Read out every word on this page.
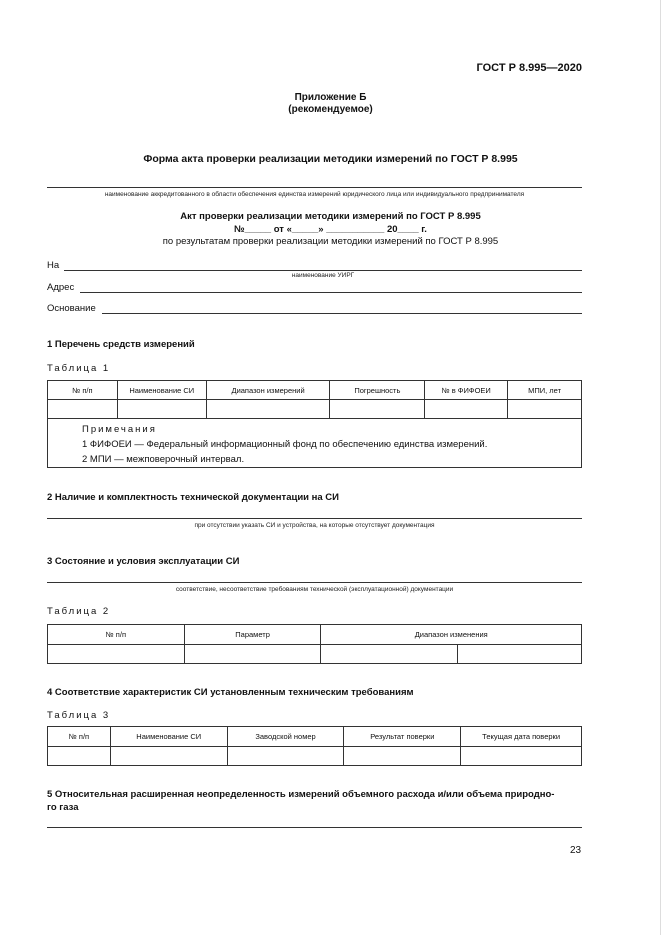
ГОСТ Р 8.995—2020
Приложение Б
(рекомендуемое)
Форма акта проверки реализации методики измерений по ГОСТ Р 8.995
наименование аккредитованного в области обеспечения единства измерений юридического лица или индивидуального предпринимателя
Акт проверки реализации методики измерений по ГОСТ Р 8.995
№_____ от «_____» ___________ 20____ г.
по результатам проверки реализации методики измерений по ГОСТ Р 8.995
На
наименование УИРГ
Адрес
Основание
1 Перечень средств измерений
Таблица 1
№ п/п	Наименование СИ	Диапазон измерений	Погрешность	№ в ФИФОЕИ	МПИ, лет

Примечания
1 ФИФОЕИ — Федеральный информационный фонд по обеспечению единства измерений.
2 МПИ — межповерочный интервал.					
2 Наличие и комплектность технической документации на СИ
при отсутствии указать СИ и устройства, на которые отсутствует документация
3 Состояние и условия эксплуатации СИ
соответствие, несоответствие требованиям технической (эксплуатационной) документации
Таблица 2
№ п/п	Параметр	Диапазон изменения	

4 Соответствие характеристик СИ установленным техническим требованиям
Таблица 3
№ п/п	Наименование СИ	Заводской номер	Результат поверки	Текущая дата поверки

5 Относительная расширенная неопределенность измерений объемного расхода и/или объема природно-
го газа
23
